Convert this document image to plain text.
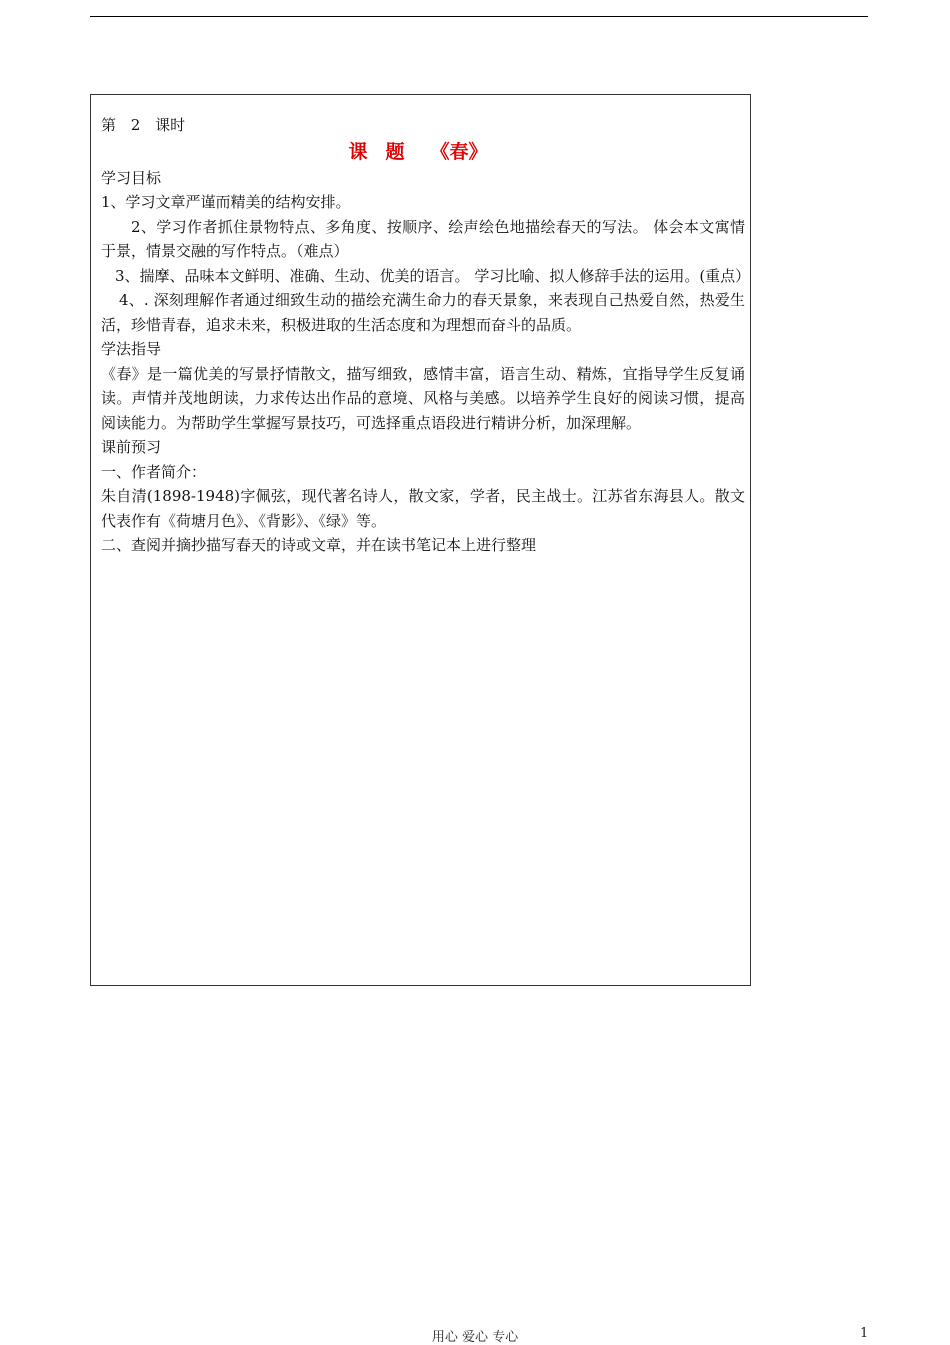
第 2 课时

课 题 《春》

学习目标

1、学习文章严谨而精美的结构安排。

2、学习作者抓住景物特点、多角度、按顺序、绘声绘色地描绘春天的写法。 体会本文寓情于景，情景交融的写作特点。（难点）

3、揣摩、品味本文鲜明、准确、生动、优美的语言。 学习比喻、拟人修辞手法的运用。(重点）

4、. 深刻理解作者通过细致生动的描绘充满生命力的春天景象，来表现自己热爱自然，热爱生活，珍惜青春，追求未来，积极进取的生活态度和为理想而奋斗的品质。

学法指导

《春》是一篇优美的写景抒情散文，描写细致，感情丰富，语言生动、精炼，宜指导学生反复诵读。声情并茂地朗读，力求传达出作品的意境、风格与美感。以培养学生良好的阅读习惯，提高阅读能力。为帮助学生掌握写景技巧，可选择重点语段进行精讲分析，加深理解。

课前预习

一、作者简介：

朱自清(1898-1948)字佩弦，现代著名诗人，散文家，学者，民主战士。江苏省东海县人。散文代表作有《荷塘月色》、《背影》、《绿》等。

二、查阅并摘抄描写春天的诗或文章，并在读书笔记本上进行整理

用心 爱心 专心	1
